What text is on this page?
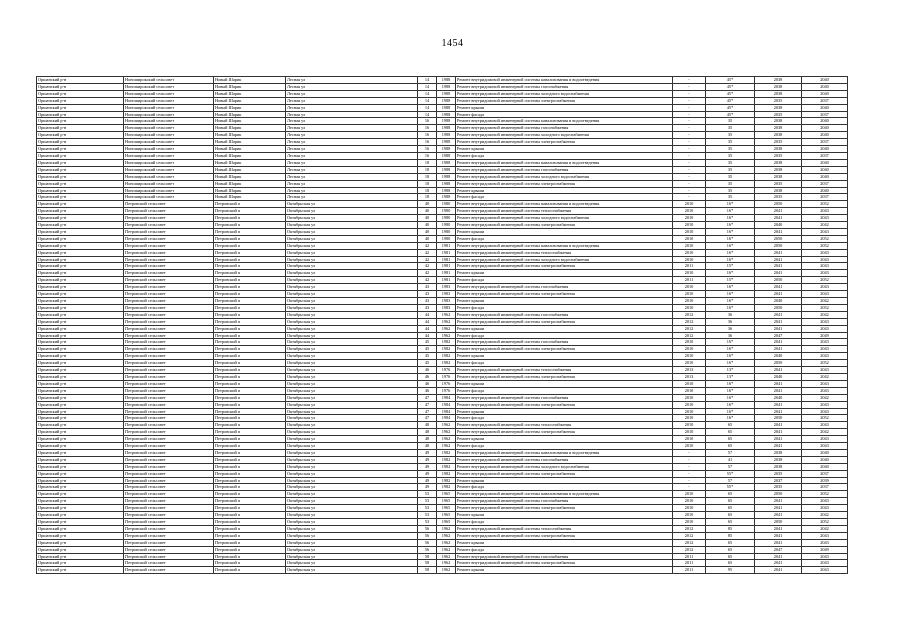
1454
Оршанский р-н	Ноноширокский сельсовет	Новый Шарик	Лесная ул	14	1988	Ремонт внутридомовой инженерной системы канализования и водоотведения	-	45*	2038	2040
Оршанский р-н	Ноноширокский сельсовет	Новый Шарик	Лесная ул	14	1988	Ремонт внутридомовой инженерной системы газоснабжения	-	45*	2038	2040
Оршанский р-н	Ноноширокский сельсовет	Новый Шарик	Лесная ул	14	1988	Ремонт внутридомовой инженерной системы холодного водоснабжения	-	45*	2038	2040
Оршанский р-н	Ноноширокский сельсовет	Новый Шарик	Лесная ул	14	1988	Ремонт внутридомовой инженерной системы электроснабжения	-	45*	2035	2037
Оршанский р-н	Ноноширокский сельсовет	Новый Шарик	Лесная ул	14	1988	Ремонт крыши	-	45*	2038	2040
Оршанский р-н	Ноноширокский сельсовет	Новый Шарик	Лесная ул	14	1988	Ремонт фасада	-	45*	2035	2037
Оршанский р-н	Ноноширокский сельсовет	Новый Шарик	Лесная ул	16	1988	Ремонт внутридомовой инженерной системы канализования и водоотведения	-	35	2038	2040
Оршанский р-н	Ноноширокский сельсовет	Новый Шарик	Лесная ул	16	1988	Ремонт внутридомовой инженерной системы газоснабжения	-	35	2038	2040
Оршанский р-н	Ноноширокский сельсовет	Новый Шарик	Лесная ул	16	1988	Ремонт внутридомовой инженерной системы холодного водоснабжения	-	35	2038	2040
Оршанский р-н	Ноноширокский сельсовет	Новый Шарик	Лесная ул	16	1988	Ремонт внутридомовой инженерной системы электроснабжения	-	35	2035	2037
Оршанский р-н	Ноноширокский сельсовет	Новый Шарик	Лесная ул	16	1988	Ремонт крыши	-	35	2038	2040
Оршанский р-н	Ноноширокский сельсовет	Новый Шарик	Лесная ул	16	1988	Ремонт фасада	-	35	2035	2037
Оршанский р-н	Ноноширокский сельсовет	Новый Шарик	Лесная ул	18	1988	Ремонт внутридомовой инженерной системы канализования и водоотведения	-	35	2038	2040
Оршанский р-н	Ноноширокский сельсовет	Новый Шарик	Лесная ул	18	1988	Ремонт внутридомовой инженерной системы газоснабжения	-	35	2038	2040
Оршанский р-н	Ноноширокский сельсовет	Новый Шарик	Лесная ул	18	1988	Ремонт внутридомовой инженерной системы холодного водоснабжения	-	35	2038	2040
Оршанский р-н	Ноноширокский сельсовет	Новый Шарик	Лесная ул	18	1988	Ремонт внутридомовой инженерной системы электроснабжения	-	35	2035	2037
Оршанский р-н	Ноноширокский сельсовет	Новый Шарик	Лесная ул	18	1988	Ремонт крыши	-	35	2038	2040
Оршанский р-н	Ноноширокский сельсовет	Новый Шарик	Лесная ул	18	1988	Ремонт фасада	-	35	2035	2037
Оршанский р-н	Петровский сельсовет	Петровский п	Октябрьская ул	40	1980	Ремонт внутридомовой инженерной системы канализования и водоотведения	2010	16*	2050	2052
Оршанский р-н	Петровский сельсовет	Петровский п	Октябрьская ул	40	1980	Ремонт внутридомовой инженерной системы теплоснабжения	2010	16*	2041	2043
Оршанский р-н	Петровский сельсовет	Петровский п	Октябрьская ул	40	1980	Ремонт внутридомовой инженерной системы холодного водоснабжения	2010	16*	2041	2043
Оршанский р-н	Петровский сельсовет	Петровский п	Октябрьская ул	40	1980	Ремонт внутридомовой инженерной системы электроснабжения	2010	16*	2040	2042
Оршанский р-н	Петровский сельсовет	Петровский п	Октябрьская ул	40	1980	Ремонт крыши	2010	16*	2041	2043
Оршанский р-н	Петровский сельсовет	Петровский п	Октябрьская ул	40	1980	Ремонт фасада	2010	16*	2050	2052
Оршанский р-н	Петровский сельсовет	Петровский п	Октябрьская ул	42	1981	Ремонт внутридомовой инженерной системы канализования и водоотведения	2010	16*	2050	2052
Оршанский р-н	Петровский сельсовет	Петровский п	Октябрьская ул	42	1981	Ремонт внутридомовой инженерной системы теплоснабжения	2010	16*	2041	2043
Оршанский р-н	Петровский сельсовет	Петровский п	Октябрьская ул	42	1981	Ремонт внутридомовой инженерной системы холодного водоснабжения	2010	16*	2041	2043
Оршанский р-н	Петровский сельсовет	Петровский п	Октябрьская ул	42	1981	Ремонт внутридомовой инженерной системы электроснабжения	2011	15*	2041	2043
Оршанский р-н	Петровский сельсовет	Петровский п	Октябрьская ул	42	1981	Ремонт крыши	2010	16*	2041	2043
Оршанский р-н	Петровский сельсовет	Петровский п	Октябрьская ул	42	1981	Ремонт фасада	2011	15*	2050	2052
Оршанский р-н	Петровский сельсовет	Петровский п	Октябрьская ул	43	1983	Ремонт внутридомовой инженерной системы газоснабжения	2010	16*	2041	2043
Оршанский р-н	Петровский сельсовет	Петровский п	Октябрьская ул	43	1983	Ремонт внутридомовой инженерной системы электроснабжения	2010	16*	2041	2043
Оршанский р-н	Петровский сельсовет	Петровский п	Октябрьская ул	43	1983	Ремонт крыши	2010	16*	2040	2042
Оршанский р-н	Петровский сельсовет	Петровский п	Октябрьская ул	43	1983	Ремонт фасада	2010	16*	2050	2052
Оршанский р-н	Петровский сельсовет	Петровский п	Октябрьская ул	44	1962	Ремонт внутридомовой инженерной системы газоснабжения	2012	36	2041	2042
Оршанский р-н	Петровский сельсовет	Петровский п	Октябрьская ул	44	1962	Ремонт внутридомовой инженерной системы электроснабжения	2012	36	2041	2043
Оршанский р-н	Петровский сельсовет	Петровский п	Октябрьская ул	44	1962	Ремонт крыши	2012	36	2041	2043
Оршанский р-н	Петровский сельсовет	Петровский п	Октябрьская ул	44	1962	Ремонт фасада	2012	36	2047	2049
Оршанский р-н	Петровский сельсовет	Петровский п	Октябрьская ул	45	1982	Ремонт внутридомовой инженерной системы газоснабжения	2010	16*	2041	2043
Оршанский р-н	Петровский сельсовет	Петровский п	Октябрьская ул	45	1982	Ремонт внутридомовой инженерной системы электроснабжения	2010	16*	2041	2043
Оршанский р-н	Петровский сельсовет	Петровский п	Октябрьская ул	45	1982	Ремонт крыши	2010	16*	2040	2043
Оршанский р-н	Петровский сельсовет	Петровский п	Октябрьская ул	45	1982	Ремонт фасада	2010	16*	2050	2052
Оршанский р-н	Петровский сельсовет	Петровский п	Октябрьская ул	46	1976	Ремонт внутридомовой инженерной системы теплоснабжения	2013	13*	2041	2043
Оршанский р-н	Петровский сельсовет	Петровский п	Октябрьская ул	46	1976	Ремонт внутридомовой инженерной системы электроснабжения	2013	13*	2040	2042
Оршанский р-н	Петровский сельсовет	Петровский п	Октябрьская ул	46	1976	Ремонт крыши	2010	16*	2041	2043
Оршанский р-н	Петровский сельсовет	Петровский п	Октябрьская ул	46	1976	Ремонт фасада	2010	16*	2041	2043
Оршанский р-н	Петровский сельсовет	Петровский п	Октябрьская ул	47	1984	Ремонт внутридомовой инженерной системы газоснабжения	2010	16*	2040	2042
Оршанский р-н	Петровский сельсовет	Петровский п	Октябрьская ул	47	1984	Ремонт внутридомовой инженерной системы электроснабжения	2010	16*	2041	2043
Оршанский р-н	Петровский сельсовет	Петровский п	Октябрьская ул	47	1984	Ремонт крыши	2010	16*	2041	2043
Оршанский р-н	Петровский сельсовет	Петровский п	Октябрьская ул	47	1984	Ремонт фасада	2010	16*	2050	2052
Оршанский р-н	Петровский сельсовет	Петровский п	Октябрьская ул	48	1962	Ремонт внутридомовой инженерной системы теплоснабжения	2010	65	2041	2043
Оршанский р-н	Петровский сельсовет	Петровский п	Октябрьская ул	48	1962	Ремонт внутридомовой инженерной системы электроснабжения	2010	65	2041	2042
Оршанский р-н	Петровский сельсовет	Петровский п	Октябрьская ул	48	1962	Ремонт крыши	2010	65	2041	2043
Оршанский р-н	Петровский сельсовет	Петровский п	Октябрьская ул	48	1962	Ремонт фасада	2010	65	2041	2043
Оршанский р-н	Петровский сельсовет	Петровский п	Октябрьская ул	49	1982	Ремонт внутридомовой инженерной системы канализования и водоотведения	-	57	2038	2040
Оршанский р-н	Петровский сельсовет	Петровский п	Октябрьская ул	49	1982	Ремонт внутридомовой инженерной системы газоснабжения	-	41	2038	2040
Оршанский р-н	Петровский сельсовет	Петровский п	Октябрьская ул	49	1982	Ремонт внутридомовой инженерной системы холодного водоснабжения	-	57	2038	2040
Оршанский р-н	Петровский сельсовет	Петровский п	Октябрьская ул	49	1982	Ремонт внутридомовой инженерной системы электроснабжения	-	55*	2035	2037
Оршанский р-н	Петровский сельсовет	Петровский п	Октябрьская ул	49	1982	Ремонт крыши	-	57	2037	2039
Оршанский р-н	Петровский сельсовет	Петровский п	Октябрьская ул	49	1982	Ремонт фасада	-	55*	2035	2037
Оршанский р-н	Петровский сельсовет	Петровский п	Октябрьская ул	53	1965	Ремонт внутридомовой инженерной системы канализования и водоотведения	2010	65	2050	2052
Оршанский р-н	Петровский сельсовет	Петровский п	Октябрьская ул	53	1965	Ремонт внутридомовой инженерной системы газоснабжения	2010	65	2041	2043
Оршанский р-н	Петровский сельсовет	Петровский п	Октябрьская ул	53	1965	Ремонт внутридомовой инженерной системы электроснабжения	2010	65	2041	2043
Оршанский р-н	Петровский сельсовет	Петровский п	Октябрьская ул	53	1965	Ремонт крыши	2010	65	2041	2042
Оршанский р-н	Петровский сельсовет	Петровский п	Октябрьская ул	53	1965	Ремонт фасада	2010	65	2050	2052
Оршанский р-н	Петровский сельсовет	Петровский п	Октябрьская ул	56	1962	Ремонт внутридомовой инженерной системы теплоснабжения	2012	85	2041	2042
Оршанский р-н	Петровский сельсовет	Петровский п	Октябрьская ул	56	1962	Ремонт внутридомовой инженерной системы электроснабжения	2012	85	2041	2043
Оршанский р-н	Петровский сельсовет	Петровский п	Октябрьская ул	56	1962	Ремонт крыши	2012	65	2041	2043
Оршанский р-н	Петровский сельсовет	Петровский п	Октябрьская ул	56	1962	Ремонт фасада	2012	65	2047	2049
Оршанский р-н	Петровский сельсовет	Петровский п	Октябрьская ул	58	1962	Ремонт внутридомовой инженерной системы газоснабжения	2011	65	2041	2043
Оршанский р-н	Петровский сельсовет	Петровский п	Октябрьская ул	58	1962	Ремонт внутридомовой инженерной системы электроснабжения	2011	65	2041	2043
Оршанский р-н	Петровский сельсовет	Петровский п	Октябрьская ул	58	1962	Ремонт крыши	2011	95	2041	2043
